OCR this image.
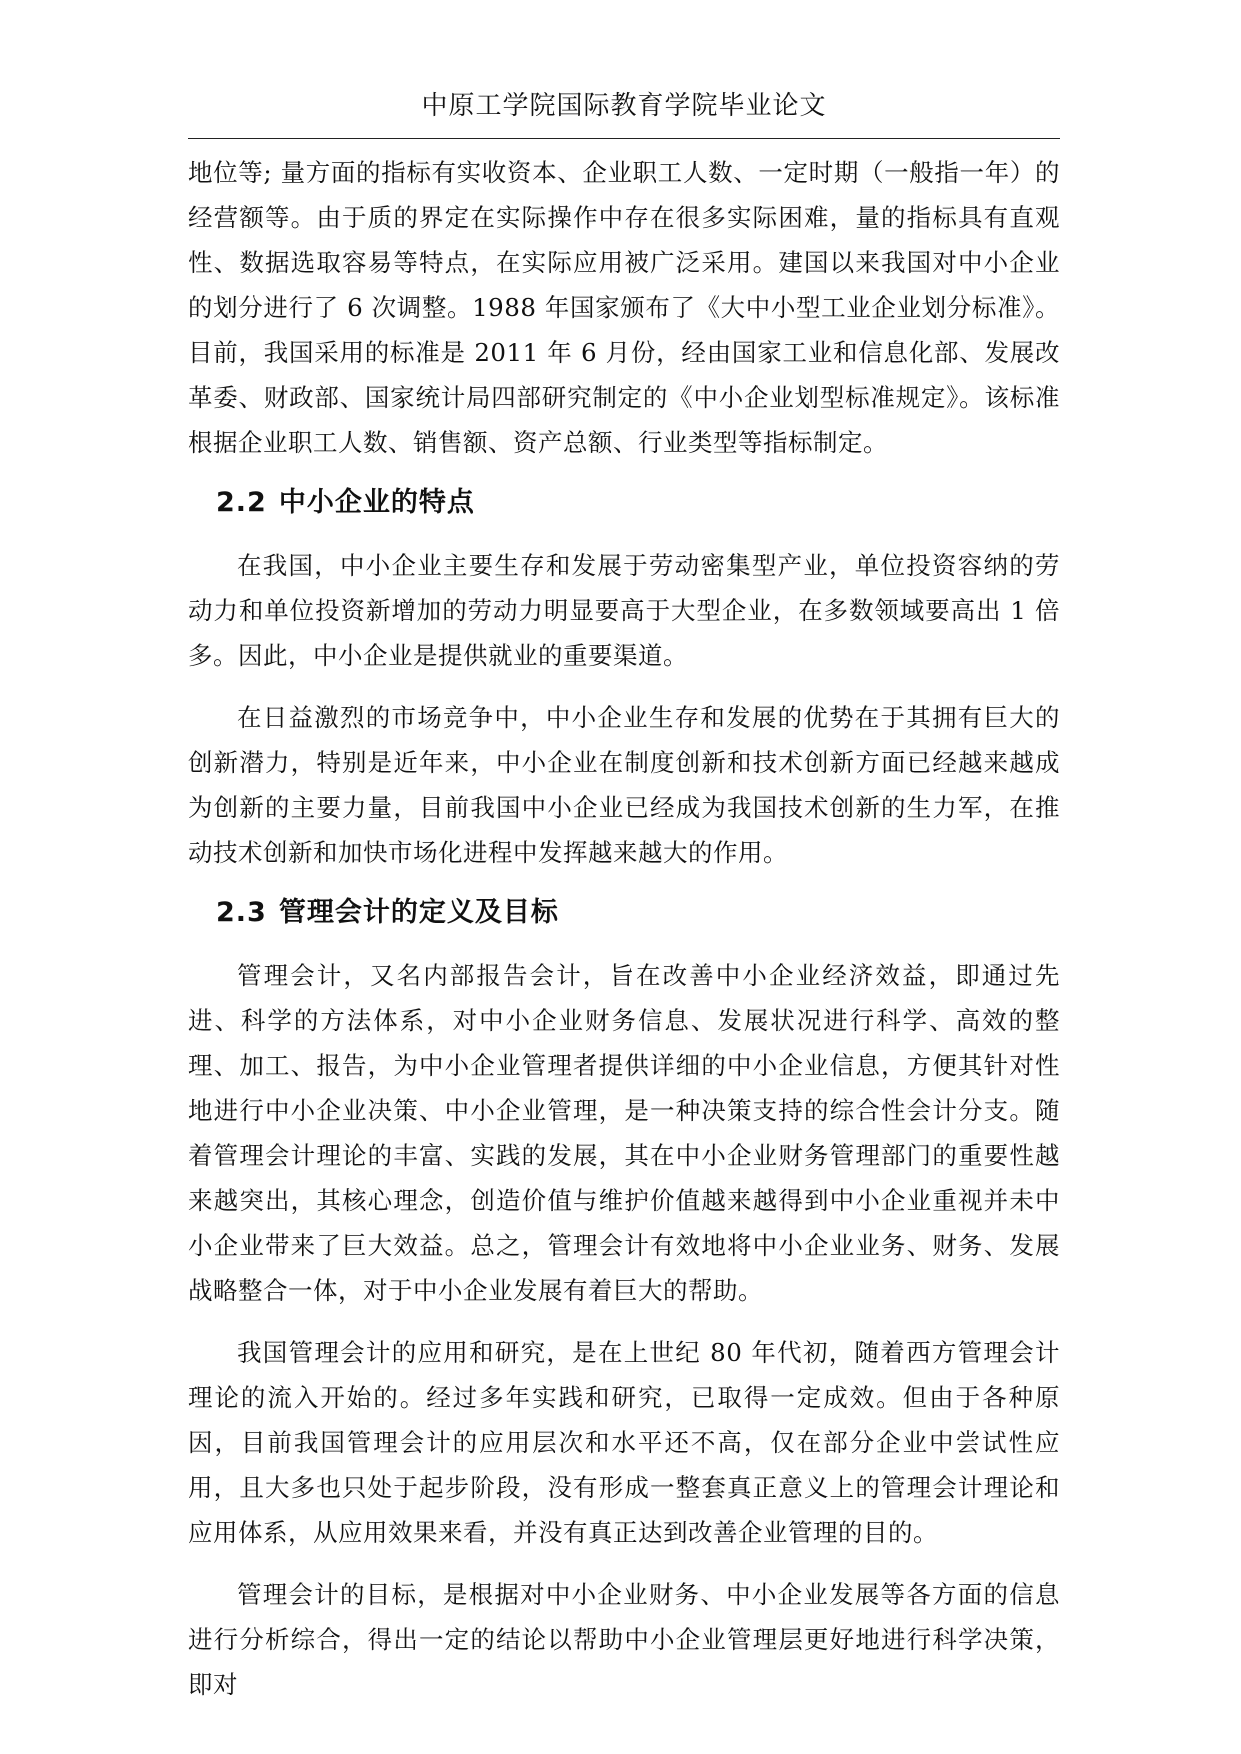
中原工学院国际教育学院毕业论文

地位等; 量方面的指标有实收资本、企业职工人数、一定时期（一般指一年）的经营额等。由于质的界定在实际操作中存在很多实际困难，量的指标具有直观性、数据选取容易等特点，在实际应用被广泛采用。建国以来我国对中小企业的划分进行了 6 次调整。1988 年国家颁布了《大中小型工业企业划分标准》。目前，我国采用的标准是 2011 年 6 月份，经由国家工业和信息化部、发展改革委、财政部、国家统计局四部研究制定的《中小企业划型标准规定》。该标准根据企业职工人数、销售额、资产总额、行业类型等指标制定。

2.2 中小企业的特点

在我国，中小企业主要生存和发展于劳动密集型产业，单位投资容纳的劳动力和单位投资新增加的劳动力明显要高于大型企业，在多数领域要高出 1 倍多。因此，中小企业是提供就业的重要渠道。

在日益激烈的市场竞争中，中小企业生存和发展的优势在于其拥有巨大的创新潜力，特别是近年来，中小企业在制度创新和技术创新方面已经越来越成为创新的主要力量，目前我国中小企业已经成为我国技术创新的生力军，在推动技术创新和加快市场化进程中发挥越来越大的作用。

2.3 管理会计的定义及目标

管理会计，又名内部报告会计，旨在改善中小企业经济效益，即通过先进、科学的方法体系，对中小企业财务信息、发展状况进行科学、高效的整理、加工、报告，为中小企业管理者提供详细的中小企业信息，方便其针对性地进行中小企业决策、中小企业管理，是一种决策支持的综合性会计分支。随着管理会计理论的丰富、实践的发展，其在中小企业财务管理部门的重要性越来越突出，其核心理念，创造价值与维护价值越来越得到中小企业重视并未中小企业带来了巨大效益。总之，管理会计有效地将中小企业业务、财务、发展战略整合一体，对于中小企业发展有着巨大的帮助。

我国管理会计的应用和研究，是在上世纪 80 年代初，随着西方管理会计理论的流入开始的。经过多年实践和研究，已取得一定成效。但由于各种原因，目前我国管理会计的应用层次和水平还不高，仅在部分企业中尝试性应用，且大多也只处于起步阶段，没有形成一整套真正意义上的管理会计理论和应用体系，从应用效果来看，并没有真正达到改善企业管理的目的。

管理会计的目标，是根据对中小企业财务、中小企业发展等各方面的信息进行分析综合，得出一定的结论以帮助中小企业管理层更好地进行科学决策，即对
